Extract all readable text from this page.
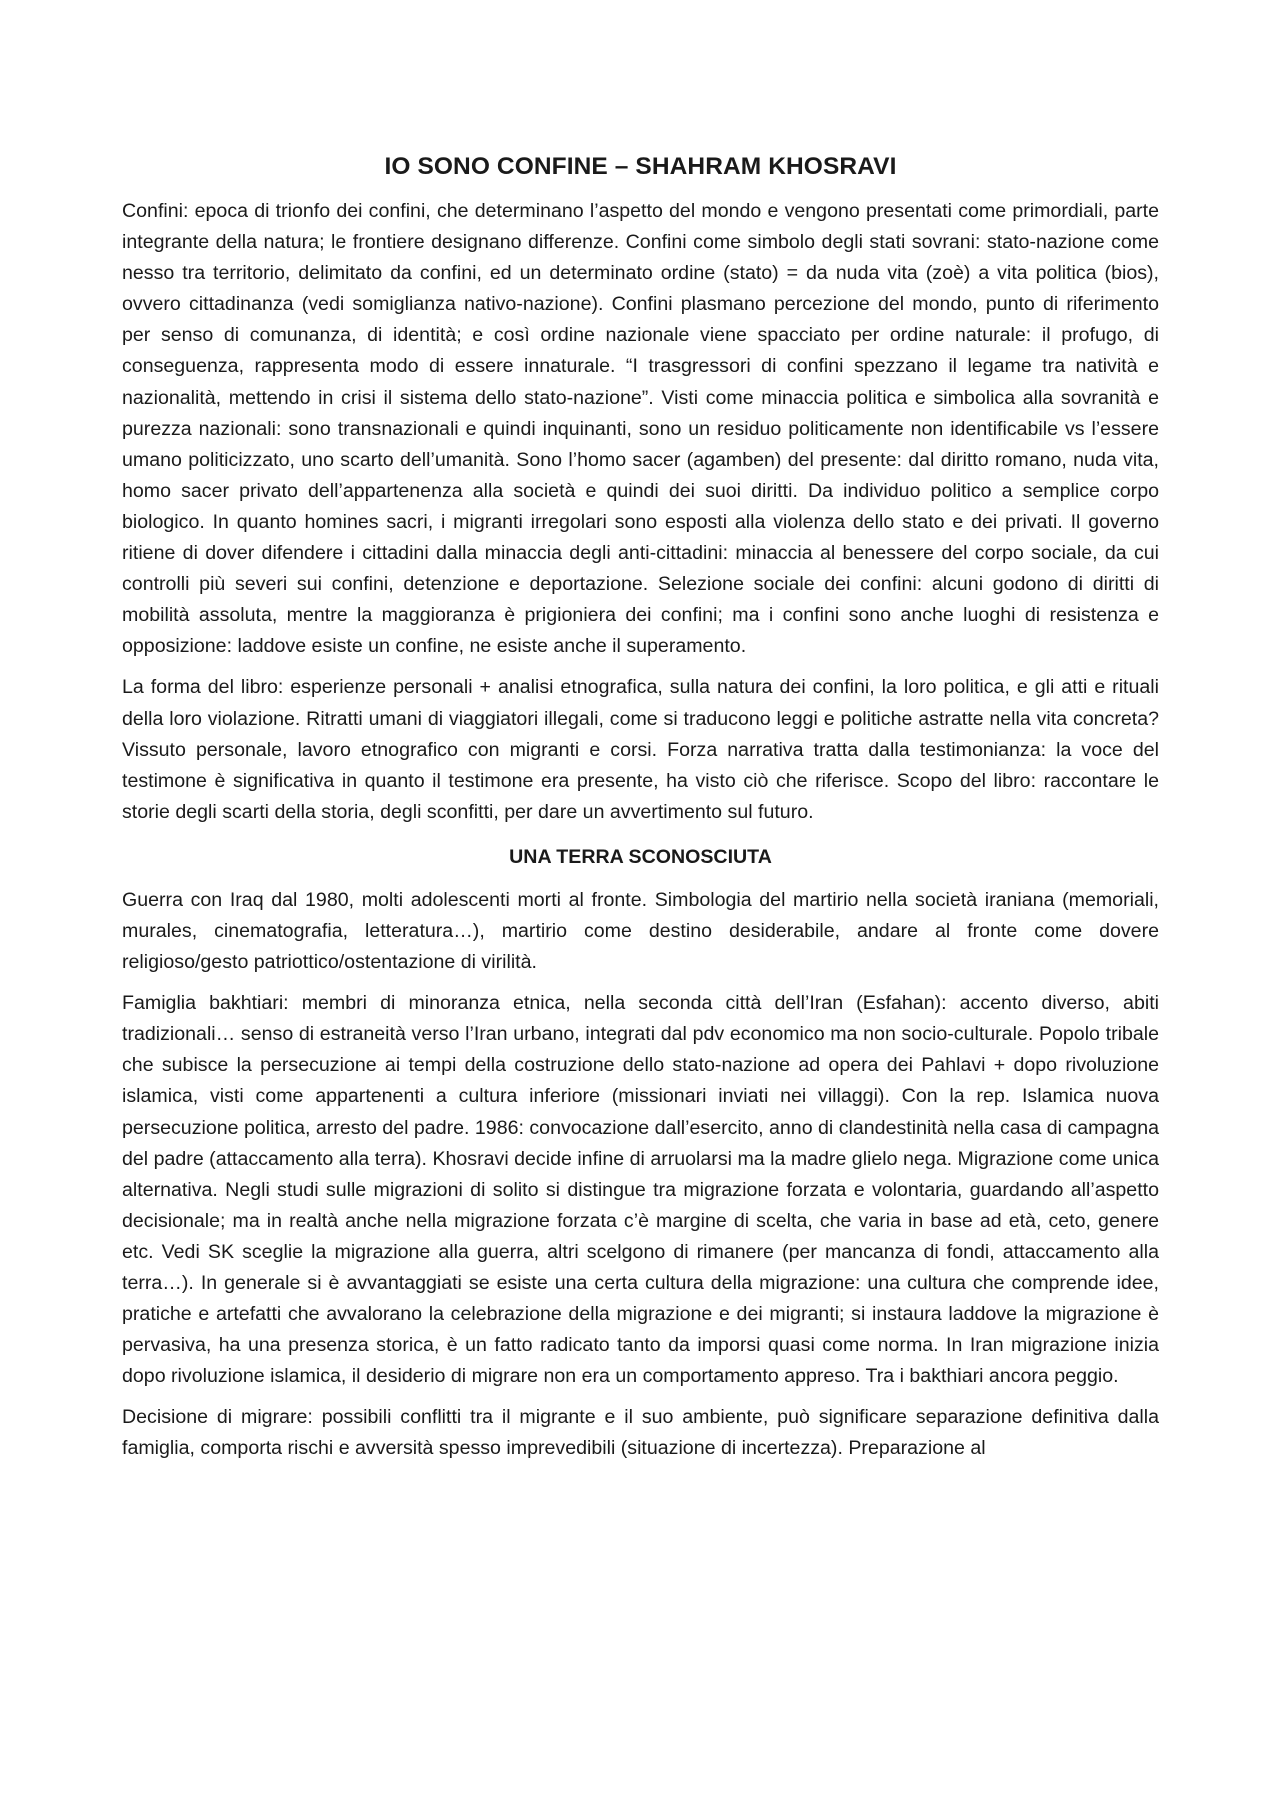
IO SONO CONFINE – SHAHRAM KHOSRAVI

Confini: epoca di trionfo dei confini, che determinano l’aspetto del mondo e vengono presentati come primordiali, parte integrante della natura; le frontiere designano differenze. Confini come simbolo degli stati sovrani: stato-nazione come nesso tra territorio, delimitato da confini, ed un determinato ordine (stato) = da nuda vita (zoè) a vita politica (bios), ovvero cittadinanza (vedi somiglianza nativo-nazione). Confini plasmano percezione del mondo, punto di riferimento per senso di comunanza, di identità; e così ordine nazionale viene spacciato per ordine naturale: il profugo, di conseguenza, rappresenta modo di essere innaturale. “I trasgressori di confini spezzano il legame tra natività e nazionalità, mettendo in crisi il sistema dello stato-nazione”. Visti come minaccia politica e simbolica alla sovranità e purezza nazionali: sono transnazionali e quindi inquinanti, sono un residuo politicamente non identificabile vs l’essere umano politicizzato, uno scarto dell’umanità. Sono l’homo sacer (agamben) del presente: dal diritto romano, nuda vita, homo sacer privato dell’appartenenza alla società e quindi dei suoi diritti. Da individuo politico a semplice corpo biologico. In quanto homines sacri, i migranti irregolari sono esposti alla violenza dello stato e dei privati. Il governo ritiene di dover difendere i cittadini dalla minaccia degli anti-cittadini: minaccia al benessere del corpo sociale, da cui controlli più severi sui confini, detenzione e deportazione. Selezione sociale dei confini: alcuni godono di diritti di mobilità assoluta, mentre la maggioranza è prigioniera dei confini; ma i confini sono anche luoghi di resistenza e opposizione: laddove esiste un confine, ne esiste anche il superamento.

La forma del libro: esperienze personali + analisi etnografica, sulla natura dei confini, la loro politica, e gli atti e rituali della loro violazione. Ritratti umani di viaggiatori illegali, come si traducono leggi e politiche astratte nella vita concreta? Vissuto personale, lavoro etnografico con migranti e corsi. Forza narrativa tratta dalla testimonianza: la voce del testimone è significativa in quanto il testimone era presente, ha visto ciò che riferisce. Scopo del libro: raccontare le storie degli scarti della storia, degli sconfitti, per dare un avvertimento sul futuro.

UNA TERRA SCONOSCIUTA

Guerra con Iraq dal 1980, molti adolescenti morti al fronte. Simbologia del martirio nella società iraniana (memoriali, murales, cinematografia, letteratura…), martirio come destino desiderabile, andare al fronte come dovere religioso/gesto patriottico/ostentazione di virilità.

Famiglia bakhtiari: membri di minoranza etnica, nella seconda città dell’Iran (Esfahan): accento diverso, abiti tradizionali… senso di estraneità verso l’Iran urbano, integrati dal pdv economico ma non socio-culturale. Popolo tribale che subisce la persecuzione ai tempi della costruzione dello stato-nazione ad opera dei Pahlavi + dopo rivoluzione islamica, visti come appartenenti a cultura inferiore (missionari inviati nei villaggi). Con la rep. Islamica nuova persecuzione politica, arresto del padre. 1986: convocazione dall’esercito, anno di clandestinità nella casa di campagna del padre (attaccamento alla terra). Khosravi decide infine di arruolarsi ma la madre glielo nega. Migrazione come unica alternativa. Negli studi sulle migrazioni di solito si distingue tra migrazione forzata e volontaria, guardando all’aspetto decisionale; ma in realtà anche nella migrazione forzata c’è margine di scelta, che varia in base ad età, ceto, genere etc. Vedi SK sceglie la migrazione alla guerra, altri scelgono di rimanere (per mancanza di fondi, attaccamento alla terra…). In generale si è avvantaggiati se esiste una certa cultura della migrazione: una cultura che comprende idee, pratiche e artefatti che avvalorano la celebrazione della migrazione e dei migranti; si instaura laddove la migrazione è pervasiva, ha una presenza storica, è un fatto radicato tanto da imporsi quasi come norma. In Iran migrazione inizia dopo rivoluzione islamica, il desiderio di migrare non era un comportamento appreso. Tra i bakthiari ancora peggio.

Decisione di migrare: possibili conflitti tra il migrante e il suo ambiente, può significare separazione definitiva dalla famiglia, comporta rischi e avversità spesso imprevedibili (situazione di incertezza). Preparazione al
